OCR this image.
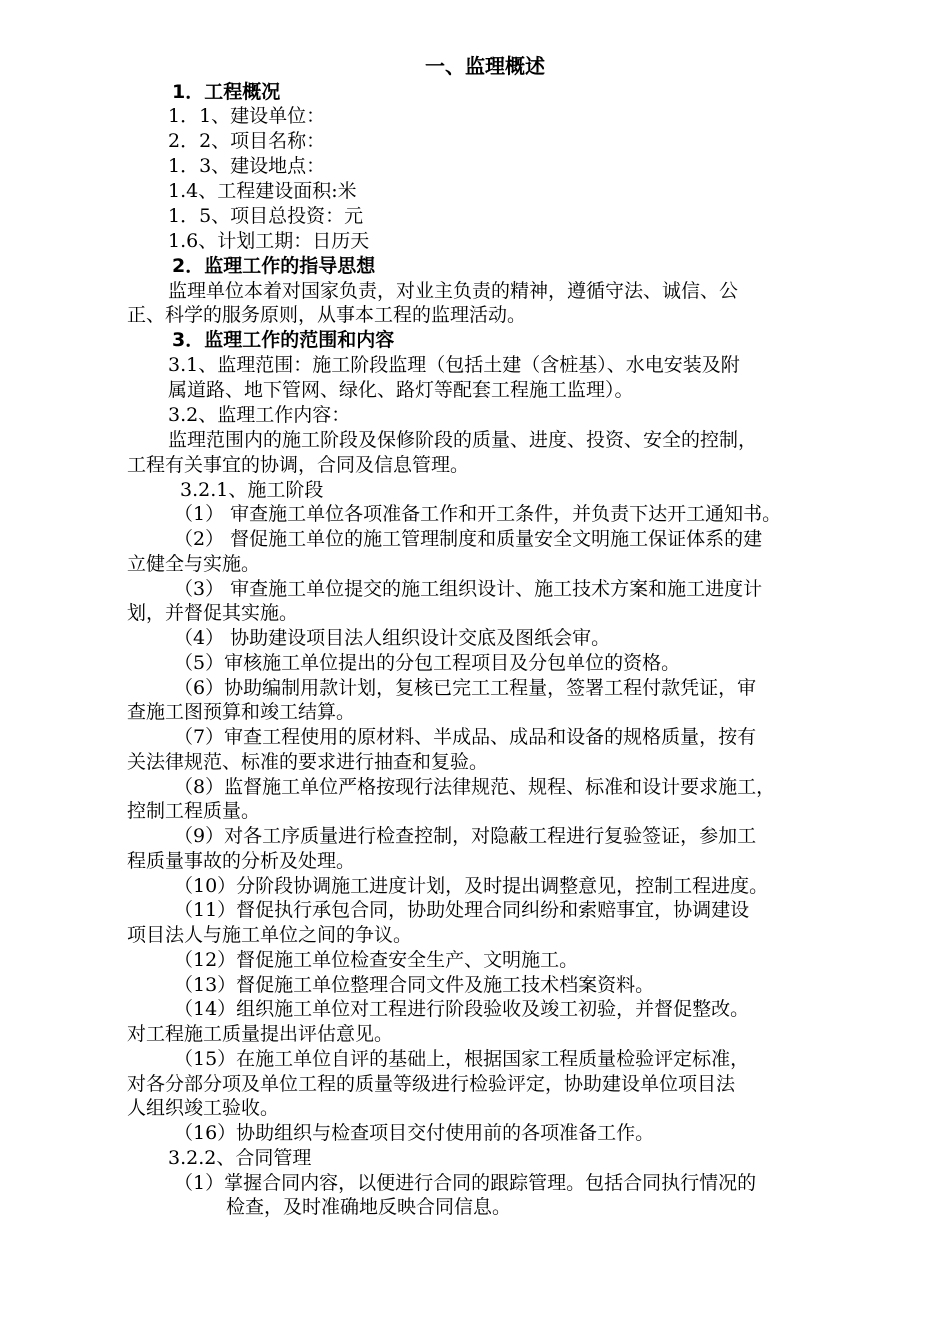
一、监理概述
1．工程概况
1．1、建设单位：
2．2、项目名称：
1．3、建设地点：
1.4、工程建设面积:米
1．5、项目总投资：元
1.6、计划工期：日历天
2．监理工作的指导思想
监理单位本着对国家负责，对业主负责的精神，遵循守法、诚信、公
正、科学的服务原则，从事本工程的监理活动。
3．监理工作的范围和内容
3.1、监理范围：施工阶段监理（包括土建（含桩基）、水电安装及附
属道路、地下管网、绿化、路灯等配套工程施工监理）。
3.2、监理工作内容：
监理范围内的施工阶段及保修阶段的质量、进度、投资、安全的控制，
工程有关事宜的协调，合同及信息管理。
3.2.1、施工阶段
（1） 审查施工单位各项准备工作和开工条件，并负责下达开工通知书。
（2） 督促施工单位的施工管理制度和质量安全文明施工保证体系的建
立健全与实施。
（3） 审查施工单位提交的施工组织设计、施工技术方案和施工进度计
划，并督促其实施。
（4） 协助建设项目法人组织设计交底及图纸会审。
（5）审核施工单位提出的分包工程项目及分包单位的资格。
（6）协助编制用款计划，复核已完工工程量，签署工程付款凭证，审
查施工图预算和竣工结算。
（7）审查工程使用的原材料、半成品、成品和设备的规格质量，按有
关法律规范、标准的要求进行抽查和复验。
（8）监督施工单位严格按现行法律规范、规程、标准和设计要求施工，
控制工程质量。
（9）对各工序质量进行检查控制，对隐蔽工程进行复验签证，参加工
程质量事故的分析及处理。
（10）分阶段协调施工进度计划，及时提出调整意见，控制工程进度。
（11）督促执行承包合同，协助处理合同纠纷和索赔事宜，协调建设
项目法人与施工单位之间的争议。
（12）督促施工单位检查安全生产、文明施工。
（13）督促施工单位整理合同文件及施工技术档案资料。
（14）组织施工单位对工程进行阶段验收及竣工初验，并督促整改。
对工程施工质量提出评估意见。
（15）在施工单位自评的基础上，根据国家工程质量检验评定标准，
对各分部分项及单位工程的质量等级进行检验评定，协助建设单位项目法
人组织竣工验收。
（16）协助组织与检查项目交付使用前的各项准备工作。
3.2.2、合同管理
（1）掌握合同内容，以便进行合同的跟踪管理。包括合同执行情况的
检查，及时准确地反映合同信息。
